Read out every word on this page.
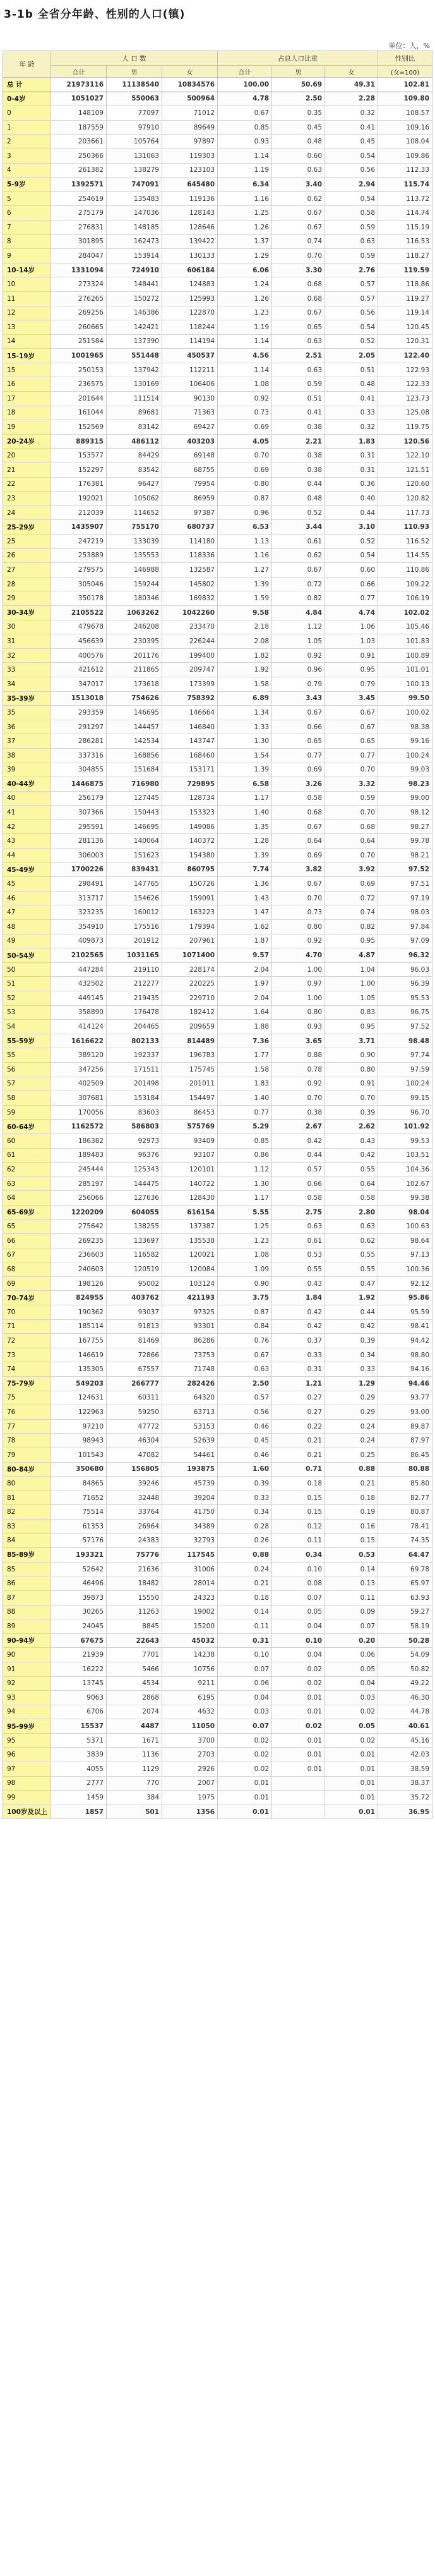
3-1b 全省分年龄、性别的人口(镇)
单位：人，%
年 龄	人 口 数			占总人口比重			性别比
	合计	男	女	合计	男	女	(女=100)
总 计	21973116	11138540	10834576	100.00	50.69	49.31	102.81
0-4岁	1051027	550063	500964	4.78	2.50	2.28	109.80
0	148109	77097	71012	0.67	0.35	0.32	108.57
1	187559	97910	89649	0.85	0.45	0.41	109.16
2	203661	105764	97897	0.93	0.48	0.45	108.04
3	250366	131063	119303	1.14	0.60	0.54	109.86
4	261382	138279	123103	1.19	0.63	0.56	112.33
5-9岁	1392571	747091	645480	6.34	3.40	2.94	115.74
5	254619	135483	119136	1.16	0.62	0.54	113.72
6	275179	147036	128143	1.25	0.67	0.58	114.74
7	276831	148185	128646	1.26	0.67	0.59	115.19
8	301895	162473	139422	1.37	0.74	0.63	116.53
9	284047	153914	130133	1.29	0.70	0.59	118.27
10-14岁	1331094	724910	606184	6.06	3.30	2.76	119.59
10	273324	148441	124883	1.24	0.68	0.57	118.86
11	276265	150272	125993	1.26	0.68	0.57	119.27
12	269256	146386	122870	1.23	0.67	0.56	119.14
13	260665	142421	118244	1.19	0.65	0.54	120.45
14	251584	137390	114194	1.14	0.63	0.52	120.31
15-19岁	1001965	551448	450537	4.56	2.51	2.05	122.40
15	250153	137942	112211	1.14	0.63	0.51	122.93
16	236575	130169	106406	1.08	0.59	0.48	122.33
17	201644	111514	90130	0.92	0.51	0.41	123.73
18	161044	89681	71363	0.73	0.41	0.33	125.08
19	152569	83142	69427	0.69	0.38	0.32	119.75
20-24岁	889315	486112	403203	4.05	2.21	1.83	120.56
20	153577	84429	69148	0.70	0.38	0.31	122.10
21	152297	83542	68755	0.69	0.38	0.31	121.51
22	176381	96427	79954	0.80	0.44	0.36	120.60
23	192021	105062	86959	0.87	0.48	0.40	120.82
24	212039	114652	97387	0.96	0.52	0.44	117.73
25-29岁	1435907	755170	680737	6.53	3.44	3.10	110.93
25	247219	133039	114180	1.13	0.61	0.52	116.52
26	253889	135553	118336	1.16	0.62	0.54	114.55
27	279575	146988	132587	1.27	0.67	0.60	110.86
28	305046	159244	145802	1.39	0.72	0.66	109.22
29	350178	180346	169832	1.59	0.82	0.77	106.19
30-34岁	2105522	1063262	1042260	9.58	4.84	4.74	102.02
30	479678	246208	233470	2.18	1.12	1.06	105.46
31	456639	230395	226244	2.08	1.05	1.03	101.83
32	400576	201176	199400	1.82	0.92	0.91	100.89
33	421612	211865	209747	1.92	0.96	0.95	101.01
34	347017	173618	173399	1.58	0.79	0.79	100.13
35-39岁	1513018	754626	758392	6.89	3.43	3.45	99.50
35	293359	146695	146664	1.34	0.67	0.67	100.02
36	291297	144457	146840	1.33	0.66	0.67	98.38
37	286281	142534	143747	1.30	0.65	0.65	99.16
38	337316	168856	168460	1.54	0.77	0.77	100.24
39	304855	151684	153171	1.39	0.69	0.70	99.03
40-44岁	1446875	716980	729895	6.58	3.26	3.32	98.23
40	256179	127445	128734	1.17	0.58	0.59	99.00
41	307366	150443	153323	1.40	0.68	0.70	98.12
42	295591	146695	149086	1.35	0.67	0.68	98.27
43	281136	140064	140372	1.28	0.64	0.64	99.78
44	306003	151623	154380	1.39	0.69	0.70	98.21
45-49岁	1700226	839431	860795	7.74	3.82	3.92	97.52
45	298491	147765	150726	1.36	0.67	0.69	97.51
46	313717	154626	159091	1.43	0.70	0.72	97.19
47	323235	160012	163223	1.47	0.73	0.74	98.03
48	354910	175516	179394	1.62	0.80	0.82	97.84
49	409873	201912	207961	1.87	0.92	0.95	97.09
50-54岁	2102565	1031165	1071400	9.57	4.70	4.87	96.32
50	447284	219110	228174	2.04	1.00	1.04	96.03
51	432502	212277	220225	1.97	0.97	1.00	96.39
52	449145	219435	229710	2.04	1.00	1.05	95.53
53	358890	176478	182412	1.64	0.80	0.83	96.75
54	414124	204465	209659	1.88	0.93	0.95	97.52
55-59岁	1616622	802133	814489	7.36	3.65	3.71	98.48
55	389120	192337	196783	1.77	0.88	0.90	97.74
56	347256	171511	175745	1.58	0.78	0.80	97.59
57	402509	201498	201011	1.83	0.92	0.91	100.24
58	307681	153184	154497	1.40	0.70	0.70	99.15
59	170056	83603	86453	0.77	0.38	0.39	96.70
60-64岁	1162572	586803	575769	5.29	2.67	2.62	101.92
60	186382	92973	93409	0.85	0.42	0.43	99.53
61	189483	96376	93107	0.86	0.44	0.42	103.51
62	245444	125343	120101	1.12	0.57	0.55	104.36
63	285197	144475	140722	1.30	0.66	0.64	102.67
64	256066	127636	128430	1.17	0.58	0.58	99.38
65-69岁	1220209	604055	616154	5.55	2.75	2.80	98.04
65	275642	138255	137387	1.25	0.63	0.63	100.63
66	269235	133697	135538	1.23	0.61	0.62	98.64
67	236603	116582	120021	1.08	0.53	0.55	97.13
68	240603	120519	120084	1.09	0.55	0.55	100.36
69	198126	95002	103124	0.90	0.43	0.47	92.12
70-74岁	824955	403762	421193	3.75	1.84	1.92	95.86
70	190362	93037	97325	0.87	0.42	0.44	95.59
71	185114	91813	93301	0.84	0.42	0.42	98.41
72	167755	81469	86286	0.76	0.37	0.39	94.42
73	146619	72866	73753	0.67	0.33	0.34	98.80
74	135305	67557	71748	0.63	0.31	0.33	94.16
75-79岁	549203	266777	282426	2.50	1.21	1.29	94.46
75	124631	60311	64320	0.57	0.27	0.29	93.77
76	122963	59250	63713	0.56	0.27	0.29	93.00
77	97210	47772	53153	0.46	0.22	0.24	89.87
78	98943	46304	52639	0.45	0.21	0.24	87.97
79	101543	47082	54461	0.46	0.21	0.25	86.45
80-84岁	350680	156805	193875	1.60	0.71	0.88	80.88
80	84865	39246	45739	0.39	0.18	0.21	85.80
81	71652	32448	39204	0.33	0.15	0.18	82.77
82	75514	33764	41750	0.34	0.15	0.19	80.87
83	61353	26964	34389	0.28	0.12	0.16	78.41
84	57176	24383	32793	0.26	0.11	0.15	74.35
85-89岁	193321	75776	117545	0.88	0.34	0.53	64.47
85	52642	21636	31006	0.24	0.10	0.14	69.78
86	46496	18482	28014	0.21	0.08	0.13	65.97
87	39873	15550	24323	0.18	0.07	0.11	63.93
88	30265	11263	19002	0.14	0.05	0.09	59.27
89	24045	8845	15200	0.11	0.04	0.07	58.19
90-94岁	67675	22643	45032	0.31	0.10	0.20	50.28
90	21939	7701	14238	0.10	0.04	0.06	54.09
91	16222	5466	10756	0.07	0.02	0.05	50.82
92	13745	4534	9211	0.06	0.02	0.04	49.22
93	9063	2868	6195	0.04	0.01	0.03	46.30
94	6706	2074	4632	0.03	0.01	0.02	44.78
95-99岁	15537	4487	11050	0.07	0.02	0.05	40.61
95	5371	1671	3700	0.02	0.01	0.02	45.16
96	3839	1136	2703	0.02	0.01	0.01	42.03
97	4055	1129	2926	0.02	0.01	0.01	38.59
98	2777	770	2007	0.01		0.01	38.37
99	1459	384	1075	0.01		0.01	35.72
100岁及以上	1857	501	1356	0.01		0.01	36.95
